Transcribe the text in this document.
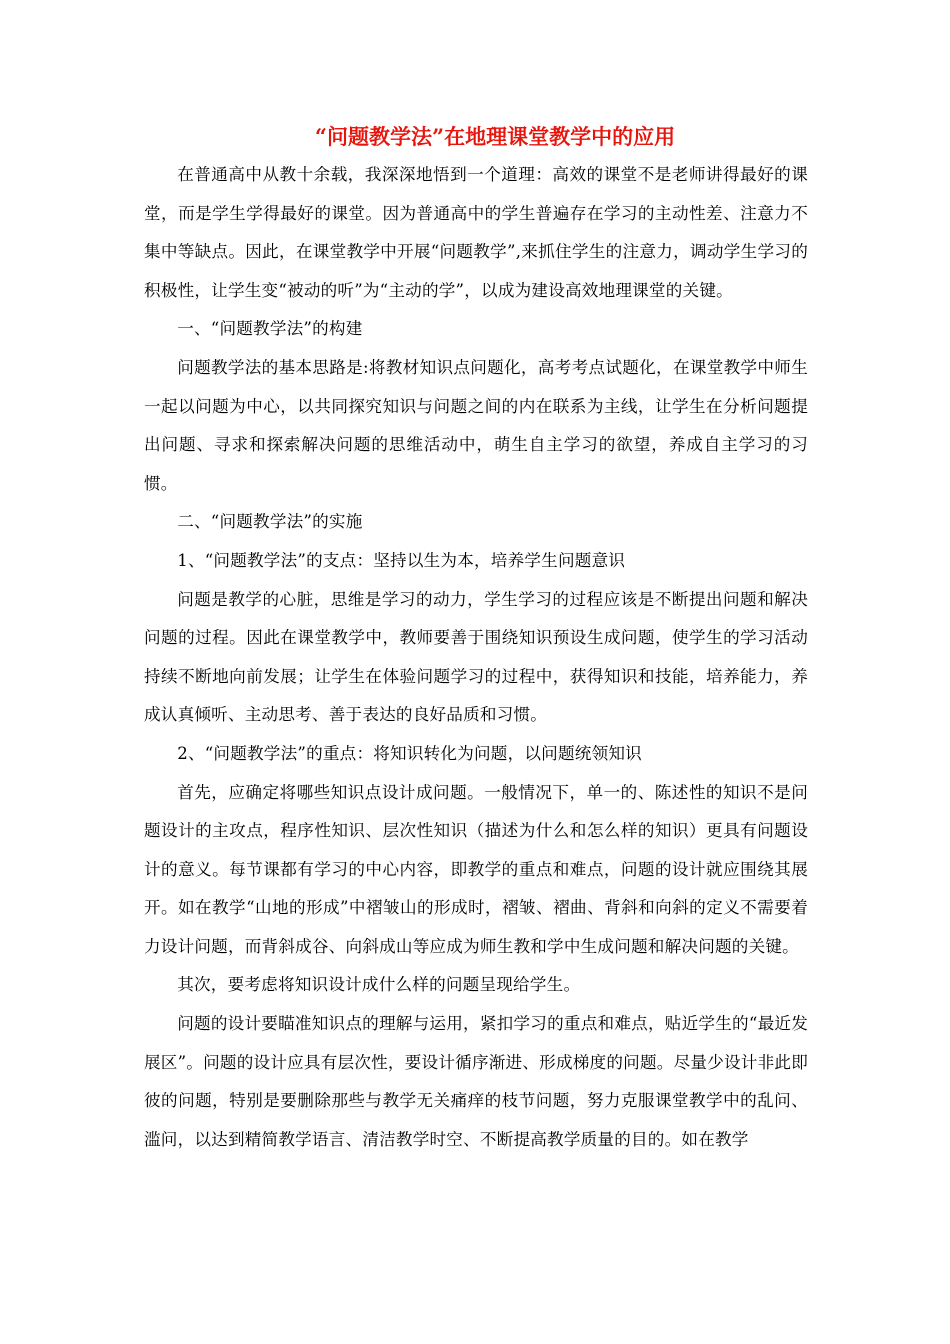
“问题教学法”在地理课堂教学中的应用

在普通高中从教十余载，我深深地悟到一个道理：高效的课堂不是老师讲得最好的课堂，而是学生学得最好的课堂。因为普通高中的学生普遍存在学习的主动性差、注意力不集中等缺点。因此，在课堂教学中开展“问题教学”,来抓住学生的注意力，调动学生学习的积极性，让学生变“被动的听”为“主动的学”，以成为建设高效地理课堂的关键。

一、“问题教学法”的构建

问题教学法的基本思路是:将教材知识点问题化，高考考点试题化，在课堂教学中师生一起以问题为中心，以共同探究知识与问题之间的内在联系为主线，让学生在分析问题提出问题、寻求和探索解决问题的思维活动中，萌生自主学习的欲望，养成自主学习的习惯。

二、“问题教学法”的实施

1、“问题教学法”的支点：坚持以生为本，培养学生问题意识

问题是教学的心脏，思维是学习的动力，学生学习的过程应该是不断提出问题和解决问题的过程。因此在课堂教学中，教师要善于围绕知识预设生成问题，使学生的学习活动持续不断地向前发展；让学生在体验问题学习的过程中，获得知识和技能，培养能力，养成认真倾听、主动思考、善于表达的良好品质和习惯。

2、“问题教学法”的重点：将知识转化为问题，以问题统领知识

首先，应确定将哪些知识点设计成问题。一般情况下，单一的、陈述性的知识不是问题设计的主攻点，程序性知识、层次性知识（描述为什么和怎么样的知识）更具有问题设计的意义。每节课都有学习的中心内容，即教学的重点和难点，问题的设计就应围绕其展开。如在教学“山地的形成”中褶皱山的形成时，褶皱、褶曲、背斜和向斜的定义不需要着力设计问题，而背斜成谷、向斜成山等应成为师生教和学中生成问题和解决问题的关键。

其次，要考虑将知识设计成什么样的问题呈现给学生。

问题的设计要瞄准知识点的理解与运用，紧扣学习的重点和难点，贴近学生的“最近发展区”。问题的设计应具有层次性，要设计循序渐进、形成梯度的问题。尽量少设计非此即彼的问题，特别是要删除那些与教学无关痛痒的枝节问题，努力克服课堂教学中的乱问、滥问，以达到精简教学语言、清洁教学时空、不断提高教学质量的目的。如在教学
